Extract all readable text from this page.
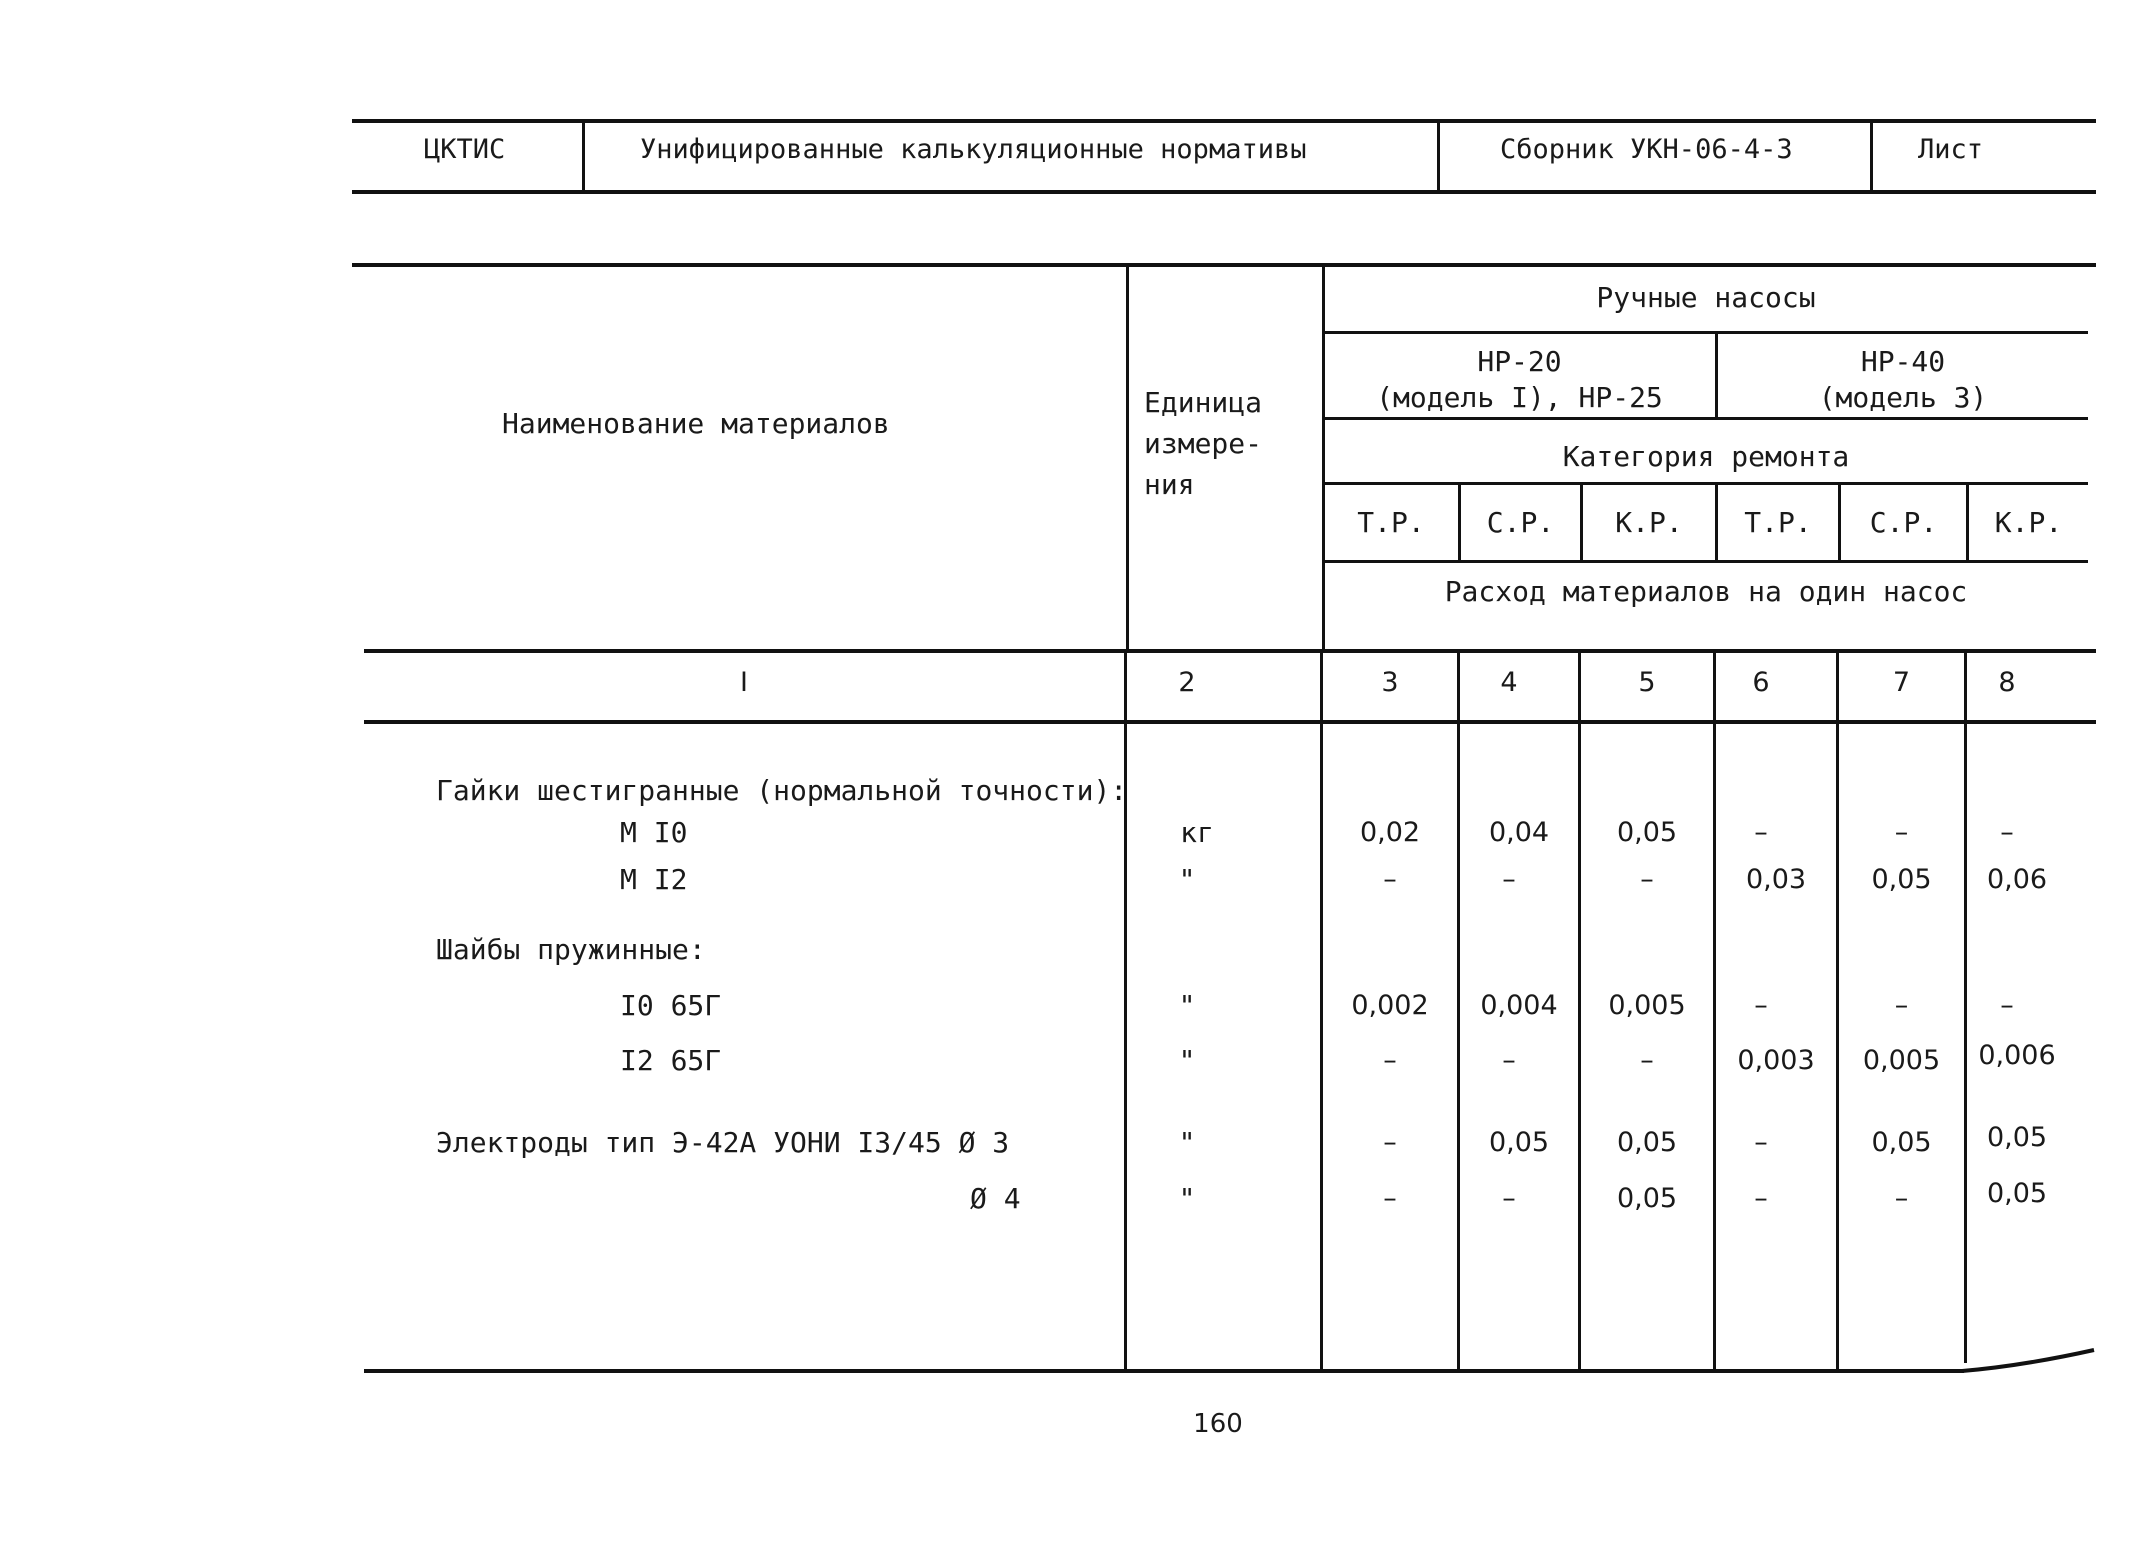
ЦКТИС	Унифицированные калькуляционные нормативы	Сборник УКН-06-4-3	Лист
Наименование материалов
Единица
измере-
ния
Ручные насосы
НР-20
(модель I), НР-25
НР-40
(модель 3)
Категория ремонта
Т.Р.	С.Р.	К.Р.	Т.Р.	С.Р.	К.Р.
Расход материалов на один насос
I	2	3	4	5	6	7	8
Гайки шестигранные (нормальной точности):
Шайбы пружинные:
М I0	кг	0,02	0,04	0,05	–	–	–
М I2	"	–	–	–	0,03	0,05	0,06
I0 65Г	"	0,002	0,004	0,005	–	–	–
I2 65Г	"	–	–	–	0,003	0,005	0,006
Электроды тип Э-42А УОНИ I3/45 Ø 3	"	–	0,05	0,05	–	0,05	0,05
Ø 4	"	–	–	0,05	–	–	0,05
160
